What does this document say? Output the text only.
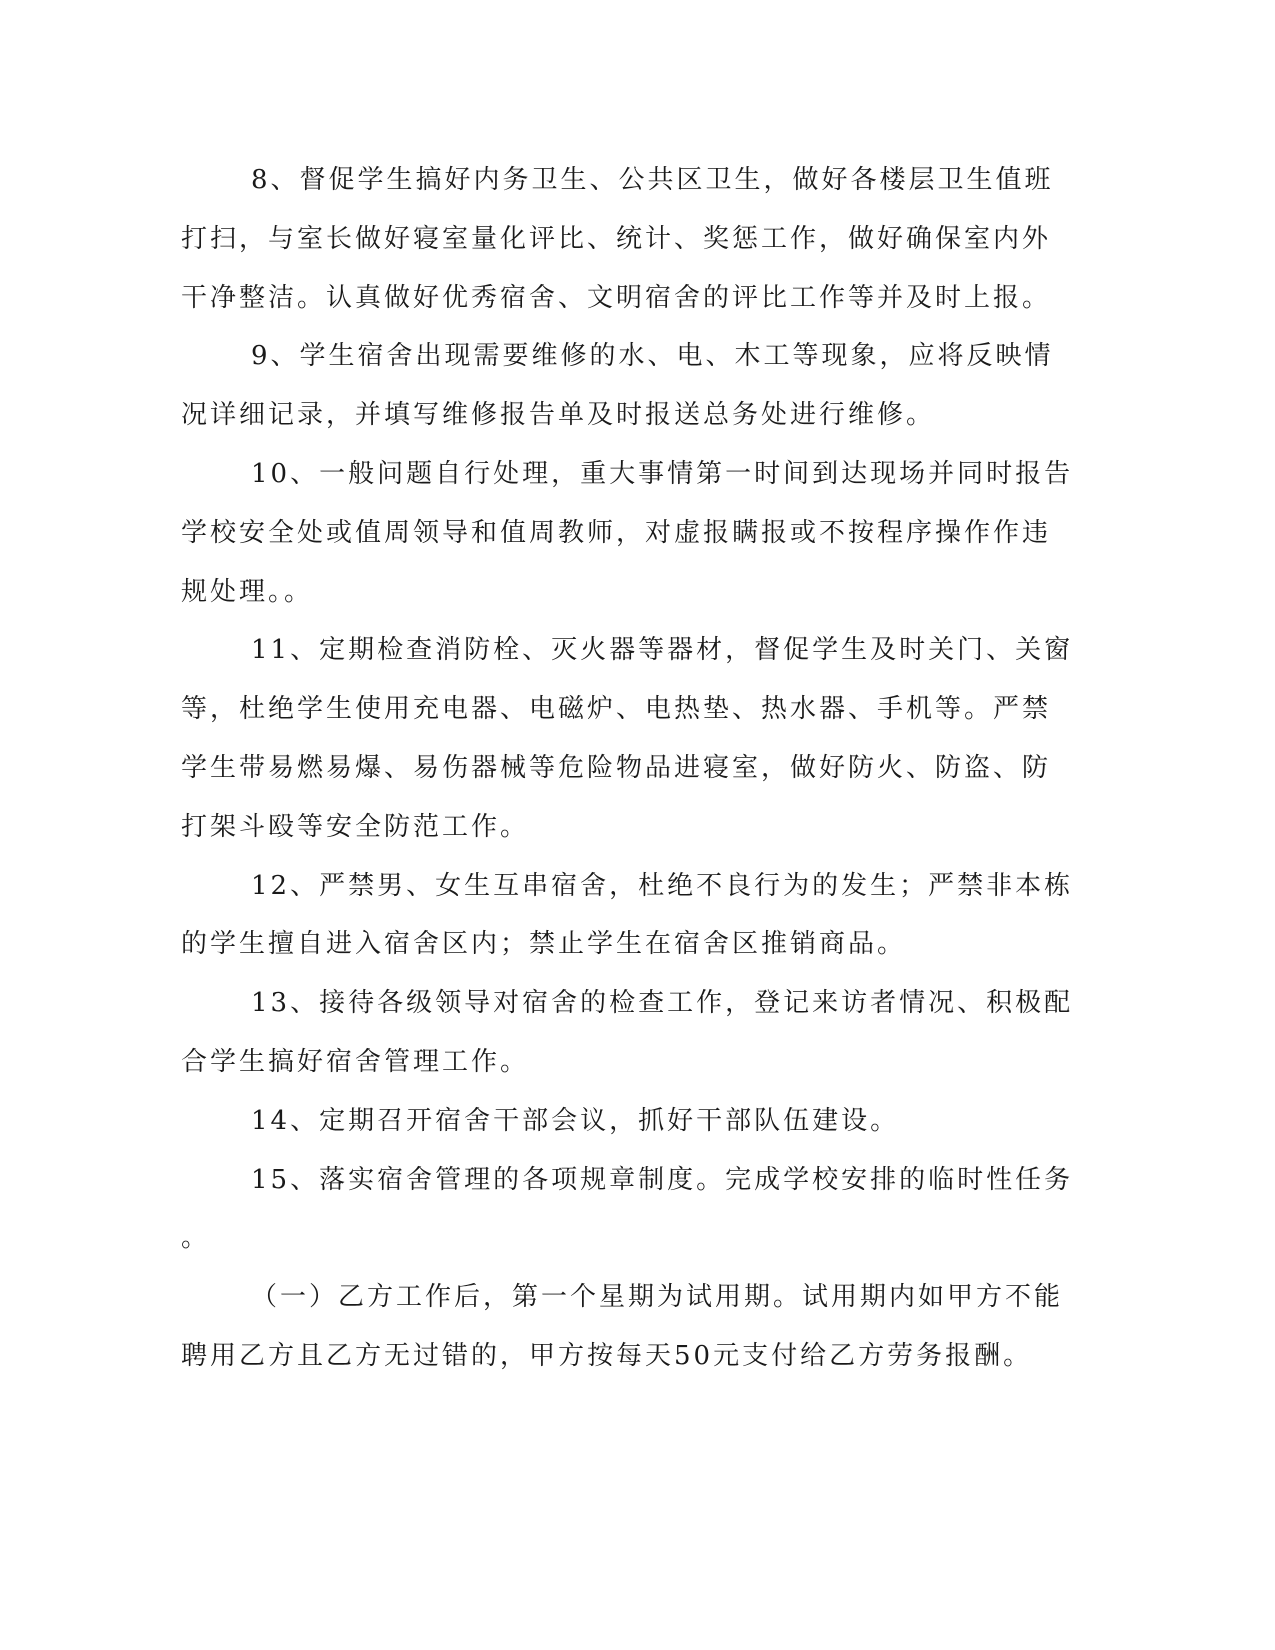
8、督促学生搞好内务卫生、公共区卫生，做好各楼层卫生值班
打扫，与室长做好寝室量化评比、统计、奖惩工作，做好确保室内外
干净整洁。认真做好优秀宿舍、文明宿舍的评比工作等并及时上报。
9、学生宿舍出现需要维修的水、电、木工等现象，应将反映情
况详细记录，并填写维修报告单及时报送总务处进行维修。
10、一般问题自行处理，重大事情第一时间到达现场并同时报告
学校安全处或值周领导和值周教师，对虚报瞒报或不按程序操作作违
规处理。。
11、定期检查消防栓、灭火器等器材，督促学生及时关门、关窗
等，杜绝学生使用充电器、电磁炉、电热垫、热水器、手机等。严禁
学生带易燃易爆、易伤器械等危险物品进寝室，做好防火、防盗、防
打架斗殴等安全防范工作。
12、严禁男、女生互串宿舍，杜绝不良行为的发生；严禁非本栋
的学生擅自进入宿舍区内；禁止学生在宿舍区推销商品。
13、接待各级领导对宿舍的检查工作，登记来访者情况、积极配
合学生搞好宿舍管理工作。
14、定期召开宿舍干部会议，抓好干部队伍建设。
15、落实宿舍管理的各项规章制度。完成学校安排的临时性任务
。
（一）乙方工作后，第一个星期为试用期。试用期内如甲方不能
聘用乙方且乙方无过错的，甲方按每天50元支付给乙方劳务报酬。
